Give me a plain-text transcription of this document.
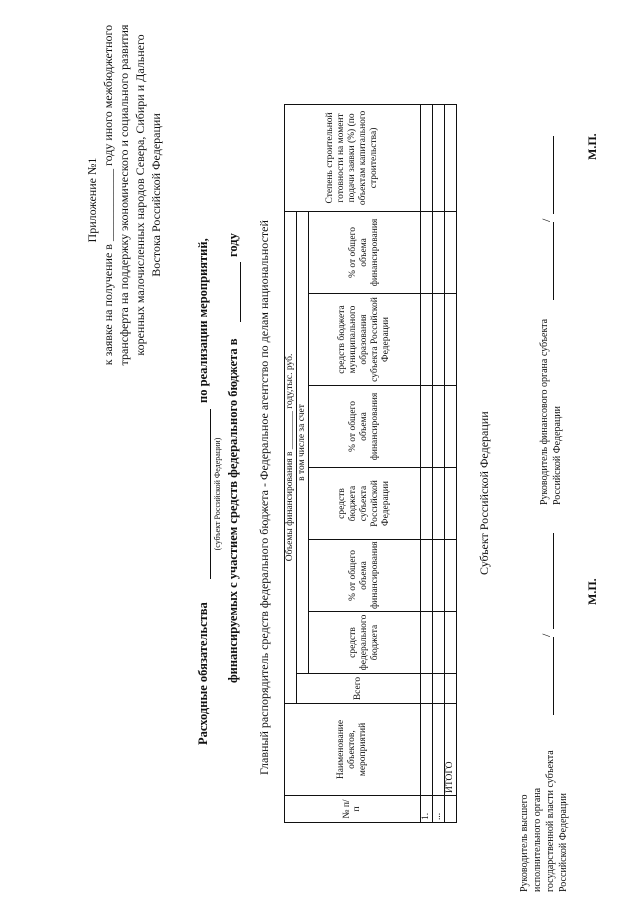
Приложение №1 к заявке на получение в ____________ году иного межбюджетного трансферта на поддержку экономического и социального развития коренных малочисленных народов Севера, Сибири и Дальнего Востока Российской Федерации
Расходные обязательства
по реализации мероприятий,
(субъект Российской Федерации) финансируемых с участием средств федерального бюджета в
году Главный распорядитель средств федерального бюджета - Федеральное агентство по делам национальностей
№ п/п	Наименование объектов, мероприятий	Объемы финансирования в ________ году,тыс. руб.							Степень строительной готовности на момент подачи заявки (%) (по объектам капитального строительства)
		Всего	в том числе за счет						
			средств федерального бюджета	% от общего объема финансирования	средств бюджета субъекта Российской Федерации	% от общего объема финансирования	средств бюджета муниципального образования субъекта Российской Федерации	% от общего объема финансирования	
1.									
...									
	ИТОГО								
Субъект Российской Федерации
Руководитель высшего исполнительного органа государственной власти субъекта Российской Федерации
/
М.П.
Руководитель финансового органа субъекта Российской Федерации
/
М.П.
